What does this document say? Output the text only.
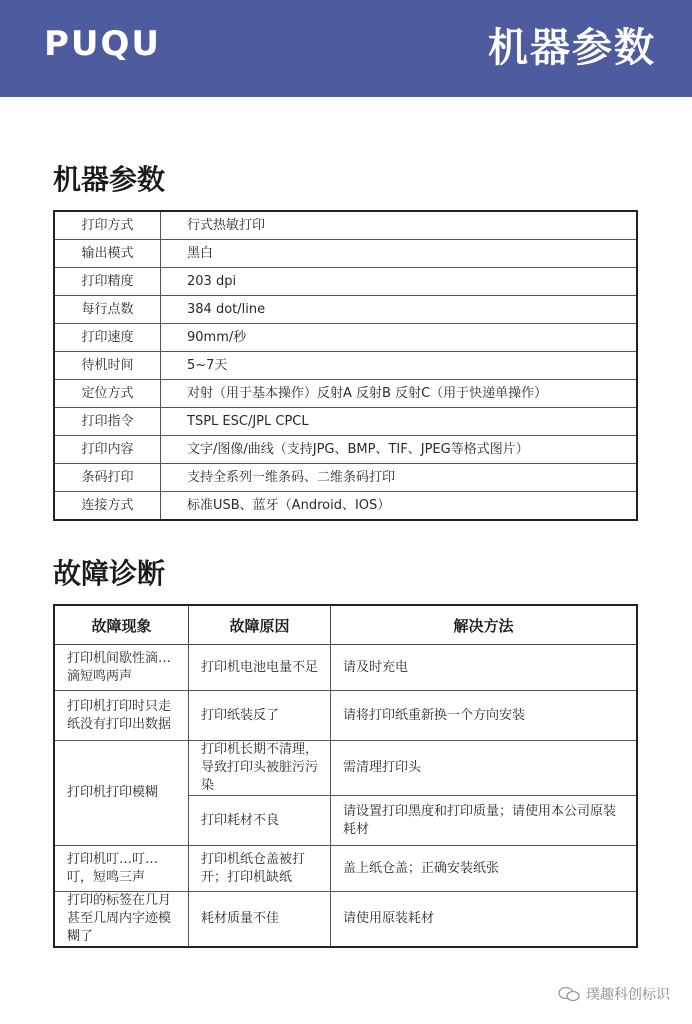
PUQU	机器参数
机器参数
打印方式	行式热敏打印
输出模式	黑白
打印精度	203 dpi
每行点数	384 dot/line
打印速度	90mm/秒
待机时间	5~7天
定位方式	对射（用于基本操作）反射A 反射B 反射C（用于快递单操作）
打印指令	TSPL ESC/JPL CPCL
打印内容	文字/图像/曲线（支持JPG、BMP、TIF、JPEG等格式图片）
条码打印	支持全系列一维条码、二维条码打印
连接方式	标准USB、蓝牙（Android、IOS）
故障诊断
故障现象	故障原因	解决方法
打印机间歇性滴…滴短鸣两声	打印机电池电量不足	请及时充电
打印机打印时只走纸没有打印出数据	打印纸装反了	请将打印纸重新换一个方向安装
打印机打印模糊	打印机长期不清理，导致打印头被脏污污染	需清理打印头
	打印耗材不良	请设置打印黑度和打印质量；请使用本公司原装耗材
打印机叮…叮…叮，短鸣三声	打印机纸仓盖被打开；打印机缺纸	盖上纸仓盖；正确安装纸张
打印的标签在几月甚至几周内字迹模糊了	耗材质量不佳	请使用原装耗材
璞趣科创标识
